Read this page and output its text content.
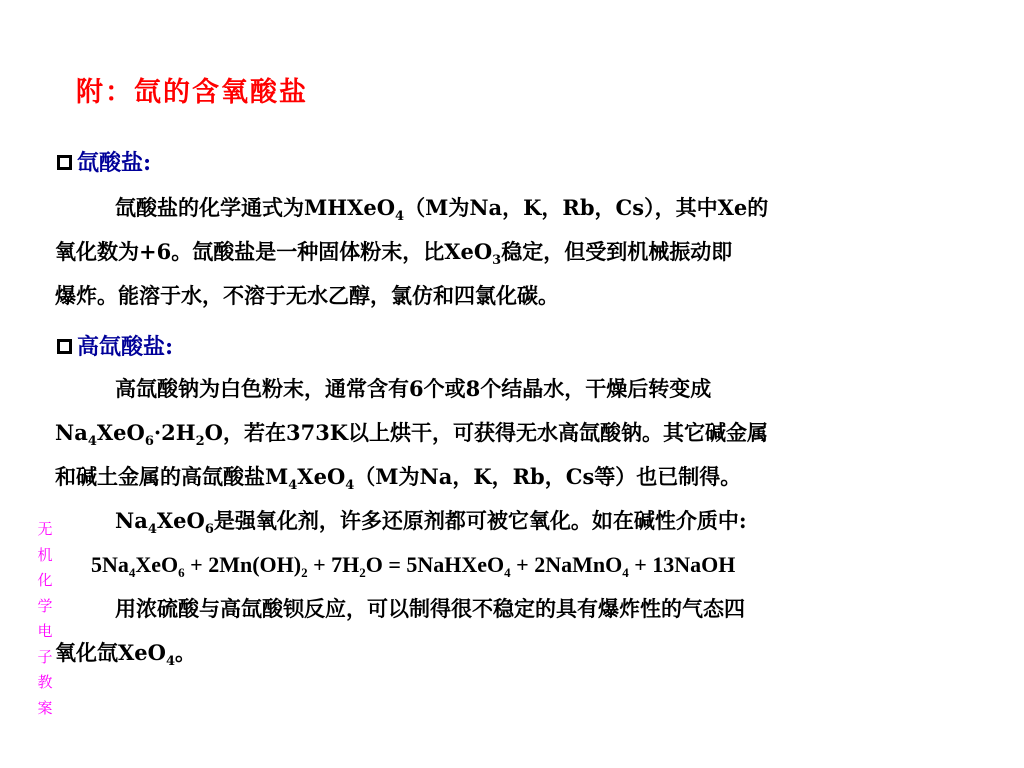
附：氙的含氧酸盐
无机化学电子教案
氙酸盐:
氙酸盐的化学通式为MHXeO$_4$（M为Na，K，Rb，Cs），其中Xe的
氧化数为+6。氙酸盐是一种固体粉末，比XeO$_3$稳定，但受到机械振动即
爆炸。能溶于水，不溶于无水乙醇，氯仿和四氯化碳。
高氙酸盐:
高氙酸钠为白色粉末，通常含有6个或8个结晶水，干燥后转变成
$Na_4XeO_6\cdot 2H_2O$，若在373K以上烘干，可获得无水高氙酸钠。其它碱金属
和碱土金属的高氙酸盐$M_4XeO_4(M$为Na，K，Rb，Cs等）也已制得。
$Na_4XeO_6$是强氧化剂，许多还原剂都可被它氧化。如在碱性介质中:
$5Na_4XeO_6 + 2Mn(OH)_2 + 7H_2O$ = 5NaHXeO$_4$ + 2NaMnO$_4$ + 13NaOH
用浓硫酸与高氙酸钡反应，可以制得很不稳定的具有爆炸性的气态四
氧化氙XeO$_4$。
